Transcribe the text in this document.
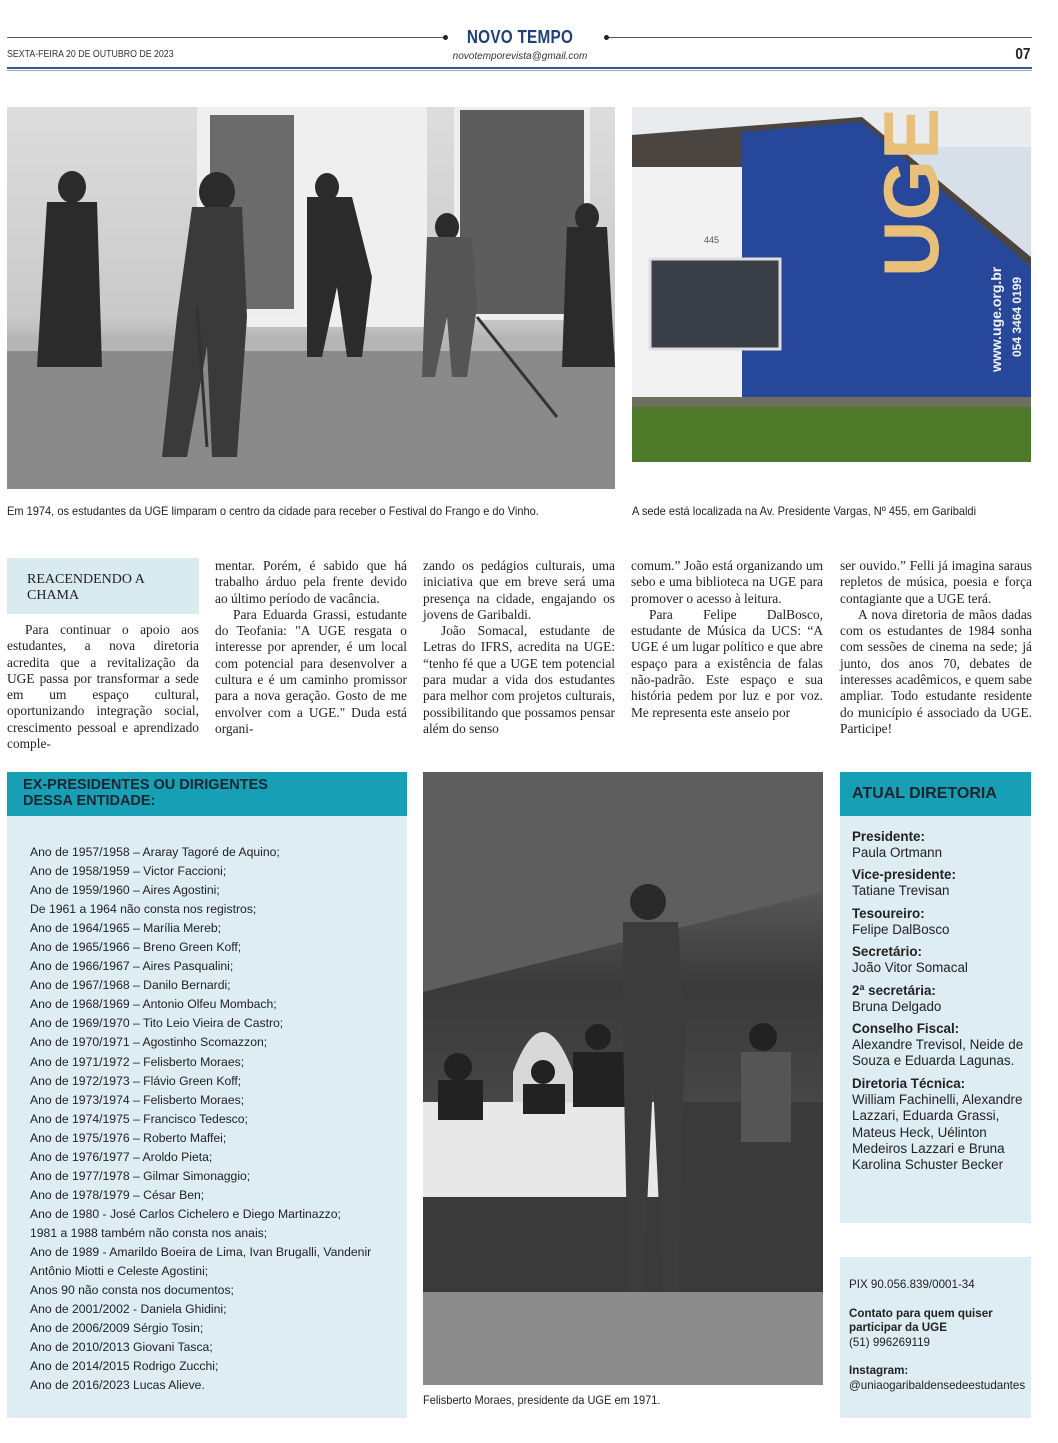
NOVO TEMPO
SEXTA-FEIRA 20 DE OUTUBRO DE 2023	novotemporevista@gmail.com	07
Em 1974, os estudantes da UGE limparam o centro da cidade para receber o Festival do Frango e do Vinho.
UGE
www.uge.org.br 054 3464 0199
445
A sede está localizada na Av. Presidente Vargas, Nº 455, em Garibaldi
REACENDENDO A CHAMA

Para continuar o apoio aos estudantes, a nova diretoria acredita que a revitalização da UGE passa por transformar a sede em um espaço cultural, oportunizando integração social, crescimento pessoal e aprendizado comple-

mentar. Porém, é sabido que há trabalho árduo pela frente devido ao último período de vacância.

Para Eduarda Grassi, estudante do Teofania: "A UGE resgata o interesse por aprender, é um local com potencial para desenvolver a cultura e é um caminho promissor para a nova geração. Gosto de me envolver com a UGE." Duda está organi-

zando os pedágios culturais, uma iniciativa que em breve será uma presença na cidade, engajando os jovens de Garibaldi.

João Somacal, estudante de Letras do IFRS, acredita na UGE: “tenho fé que a UGE tem potencial para mudar a vida dos estudantes para melhor com projetos culturais, possibilitando que possamos pensar além do senso

comum.” João está organizando um sebo e uma biblioteca na UGE para promover o acesso à leitura.

Para Felipe DalBosco, estudante de Música da UCS: “A UGE é um lugar político e que abre espaço para a existência de falas não-padrão. Este espaço e sua história pedem por luz e por voz. Me representa este anseio por

ser ouvido.” Felli já imagina saraus repletos de música, poesia e força contagiante que a UGE terá.

A nova diretoria de mãos dadas com os estudantes de 1984 sonha com sessões de cinema na sede; já junto, dos anos 70, debates de interesses acadêmicos, e quem sabe ampliar. Todo estudante residente do município é associado da UGE. Participe!

EX-PRESIDENTES OU DIRIGENTES DESSA ENTIDADE:
Ano de 1957/1958 – Araray Tagoré de Aquino;
Ano de 1958/1959 – Victor Faccioni;
Ano de 1959/1960 – Aires Agostini;
De 1961 a 1964 não consta nos registros;
Ano de 1964/1965 – Marília Mereb;
Ano de 1965/1966 – Breno Green Koff;
Ano de 1966/1967 – Aires Pasqualini;
Ano de 1967/1968 – Danilo Bernardi;
Ano de 1968/1969 – Antonio Olfeu Mombach;
Ano de 1969/1970 – Tito Leio Vieira de Castro;
Ano de 1970/1971 – Agostinho Scomazzon;
Ano de 1971/1972 – Felisberto Moraes;
Ano de 1972/1973 – Flávio Green Koff;
Ano de 1973/1974 – Felisberto Moraes;
Ano de 1974/1975 – Francisco Tedesco;
Ano de 1975/1976 – Roberto Maffei;
Ano de 1976/1977 – Aroldo Pieta;
Ano de 1977/1978 – Gilmar Simonaggio;
Ano de 1978/1979 – César Ben;
Ano de 1980 - José Carlos Cichelero e Diego Martinazzo;
1981 a 1988 também não consta nos anais;
Ano de 1989 - Amarildo Boeira de Lima, Ivan Brugalli, Vandenir
Antônio Miotti e Celeste Agostini;
Anos 90 não consta nos documentos;
Ano de 2001/2002 - Daniela Ghidini;
Ano de 2006/2009 Sérgio Tosin;
Ano de 2010/2013 Giovani Tasca;
Ano de 2014/2015 Rodrigo Zucchi;
Ano de 2016/2023 Lucas Alieve.
Felisberto Moraes, presidente da UGE em 1971.
ATUAL DIRETORIA
Presidente:
Paula Ortmann
Vice-presidente:
Tatiane Trevisan
Tesoureiro:
Felipe DalBosco
Secretário:
João Vitor Somacal
2ª secretária:
Bruna Delgado
Conselho Fiscal:
Alexandre Trevisol, Neide de Souza e Eduarda Lagunas.
Diretoria Técnica:
William Fachinelli, Alexandre Lazzari, Eduarda Grassi, Mateus Heck, Uélinton Medeiros Lazzari e Bruna Karolina Schuster Becker

PIX 90.056.839/0001-34

Contato para quem quiser participar da UGE

(51) 996269119

Instagram:

@uniaogaribaldensedeestudantes
